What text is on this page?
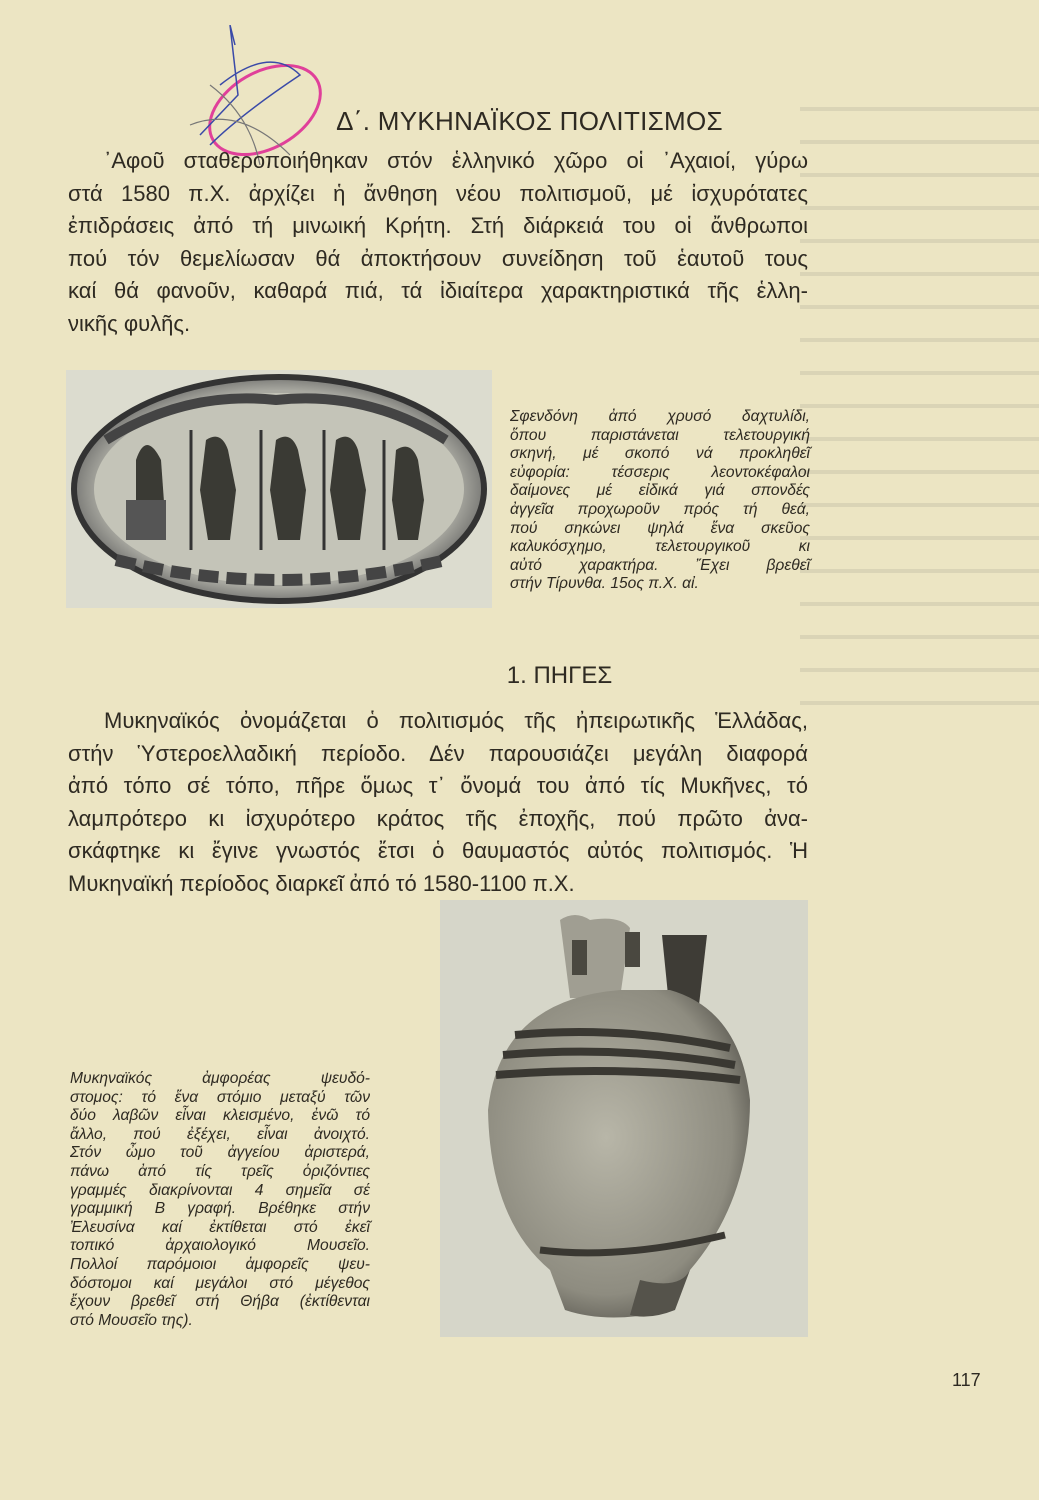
Δ΄. ΜΥΚΗΝΑΪΚΟΣ ΠΟΛΙΤΙΣΜΟΣ
᾿Αφοῦ σταθεροποιήθηκαν στόν ἑλληνικό χῶρο οἱ ᾿Αχαιοί, γύρω
στά 1580 π.Χ. ἀρχίζει ἡ ἄνθηση νέου πολιτισμοῦ, μέ ἰσχυρότατες
ἐπιδράσεις ἀπό τή μινωική Κρήτη. Στή διάρκειά του οἱ ἄνθρωποι
πού τόν θεμελίωσαν θά ἀποκτήσουν συνείδηση τοῦ ἑαυτοῦ τους
καί θά φανοῦν, καθαρά πιά, τά ἰδιαίτερα χαρακτηριστικά τῆς ἑλλη-
νικῆς φυλῆς.
Σφενδόνη ἀπό χρυσό δαχτυλίδι,
ὅπου παριστάνεται τελετουργική
σκηνή, μέ σκοπό νά προκληθεῖ
εὐφορία: τέσσερις λεοντοκέφαλοι
δαίμονες μέ εἰδικά γιά σπονδές
ἀγγεῖα προχωροῦν πρός τή θεά,
πού σηκώνει ψηλά ἕνα σκεῦος
καλυκόσχημο, τελετουργικοῦ κι
αὐτό χαρακτήρα. Ἔχει βρεθεῖ
στήν Τίρυνθα. 15ος π.Χ. αἰ.
1. ΠΗΓΕΣ
Μυκηναϊκός ὀνομάζεται ὁ πολιτισμός τῆς ἠπειρωτικῆς Ἑλλάδας,
στήν Ὑστεροελλαδική περίοδο. Δέν παρουσιάζει μεγάλη διαφορά
ἀπό τόπο σέ τόπο, πῆρε ὅμως τ᾿ ὄνομά του ἀπό τίς Μυκῆνες, τό
λαμπρότερο κι ἰσχυρότερο κράτος τῆς ἐποχῆς, πού πρῶτο ἀνα-
σκάφτηκε κι ἔγινε γνωστός ἔτσι ὁ θαυμαστός αὐτός πολιτισμός. Ἡ
Μυκηναϊκή περίοδος διαρκεῖ ἀπό τό 1580-1100 π.Χ.
Μυκηναϊκός ἀμφορέας ψευδό-
στομος: τό ἕνα στόμιο μεταξύ τῶν
δύο λαβῶν εἶναι κλεισμένο, ἐνῶ τό
ἄλλο, πού ἐξέχει, εἶναι ἀνοιχτό.
Στόν ὦμο τοῦ ἀγγείου ἀριστερά,
πάνω ἀπό τίς τρεῖς ὁριζόντιες
γραμμές διακρίνονται 4 σημεῖα σέ
γραμμική Β γραφή. Βρέθηκε στήν
Ἐλευσίνα καί ἐκτίθεται στό ἐκεῖ
τοπικό ἀρχαιολογικό Μουσεῖο.
Πολλοί παρόμοιοι ἀμφορεῖς ψευ-
δόστομοι καί μεγάλοι στό μέγεθος
ἔχουν βρεθεῖ στή Θήβα (ἐκτίθενται
στό Μουσεῖο της).
117
